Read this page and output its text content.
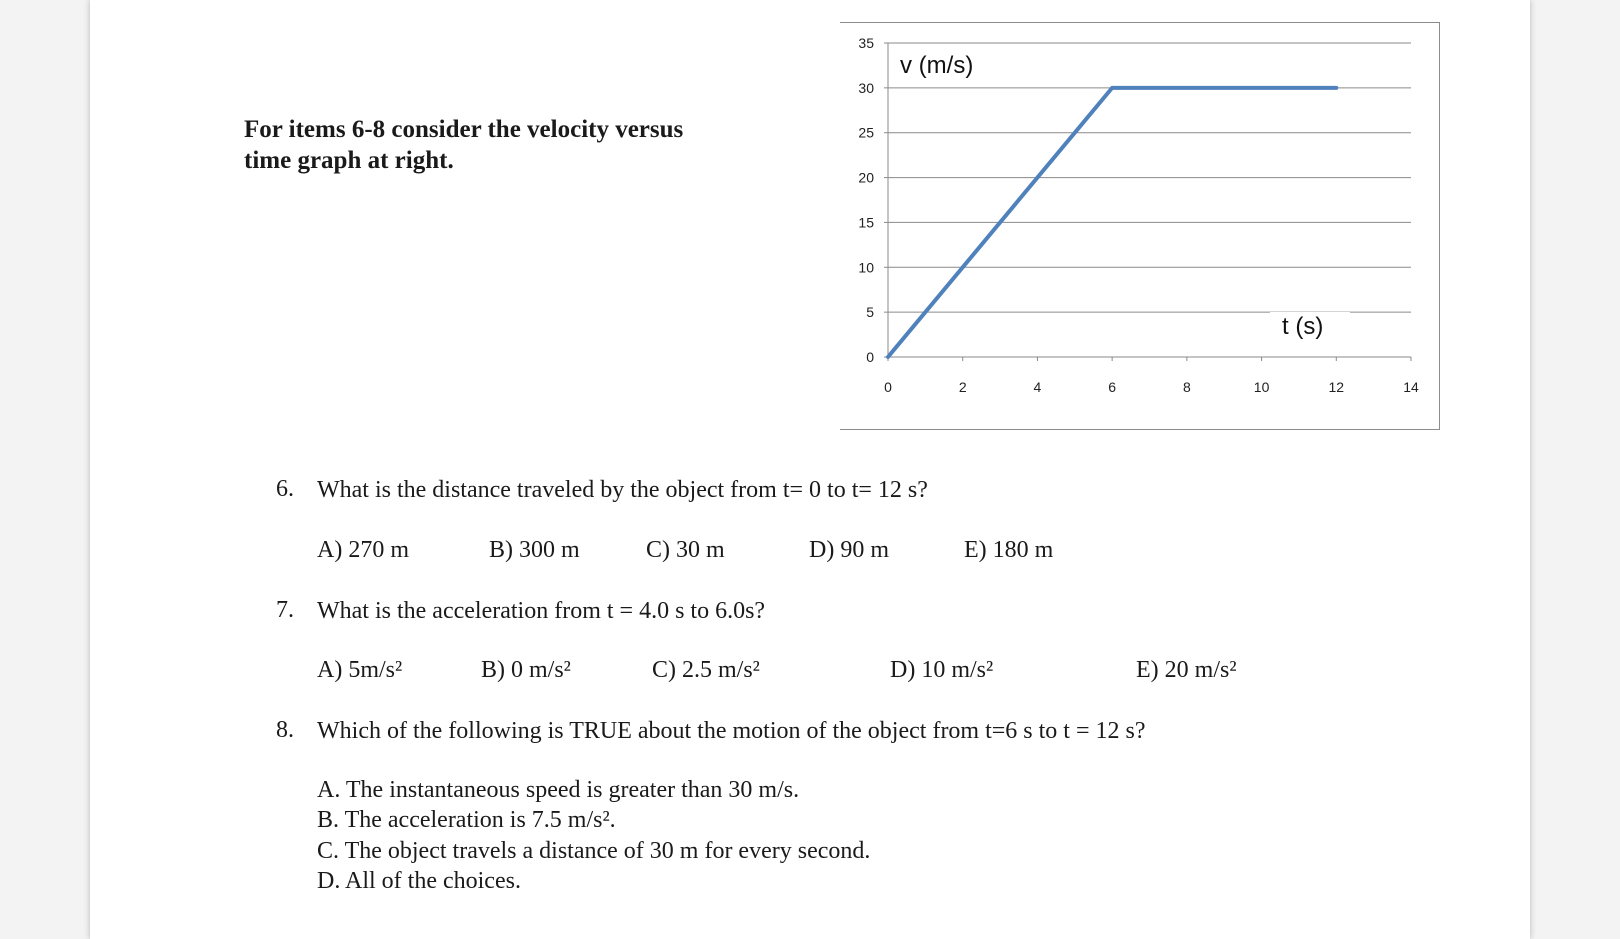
For items 6-8 consider the velocity versus
time graph at right.
0
5
10
15
20
25
30
35
0	2	4	6	8	10	12	14
v (m/s)
t (s)
6. What is the distance traveled by the object from t= 0 to t= 12 s?
A) 270 m	B) 300 m	C) 30 m	D) 90 m	E) 180 m
7. What is the acceleration from t = 4.0 s to 6.0s?
A) 5m/s²	B) 0 m/s²	C) 2.5 m/s²	D) 10 m/s²	E) 20 m/s²
8. Which of the following is TRUE about the motion of the object from t=6 s to t = 12 s?
A. The instantaneous speed is greater than 30 m/s.
B. The acceleration is 7.5 m/s².
C. The object travels a distance of 30 m for every second.
D. All of the choices.
